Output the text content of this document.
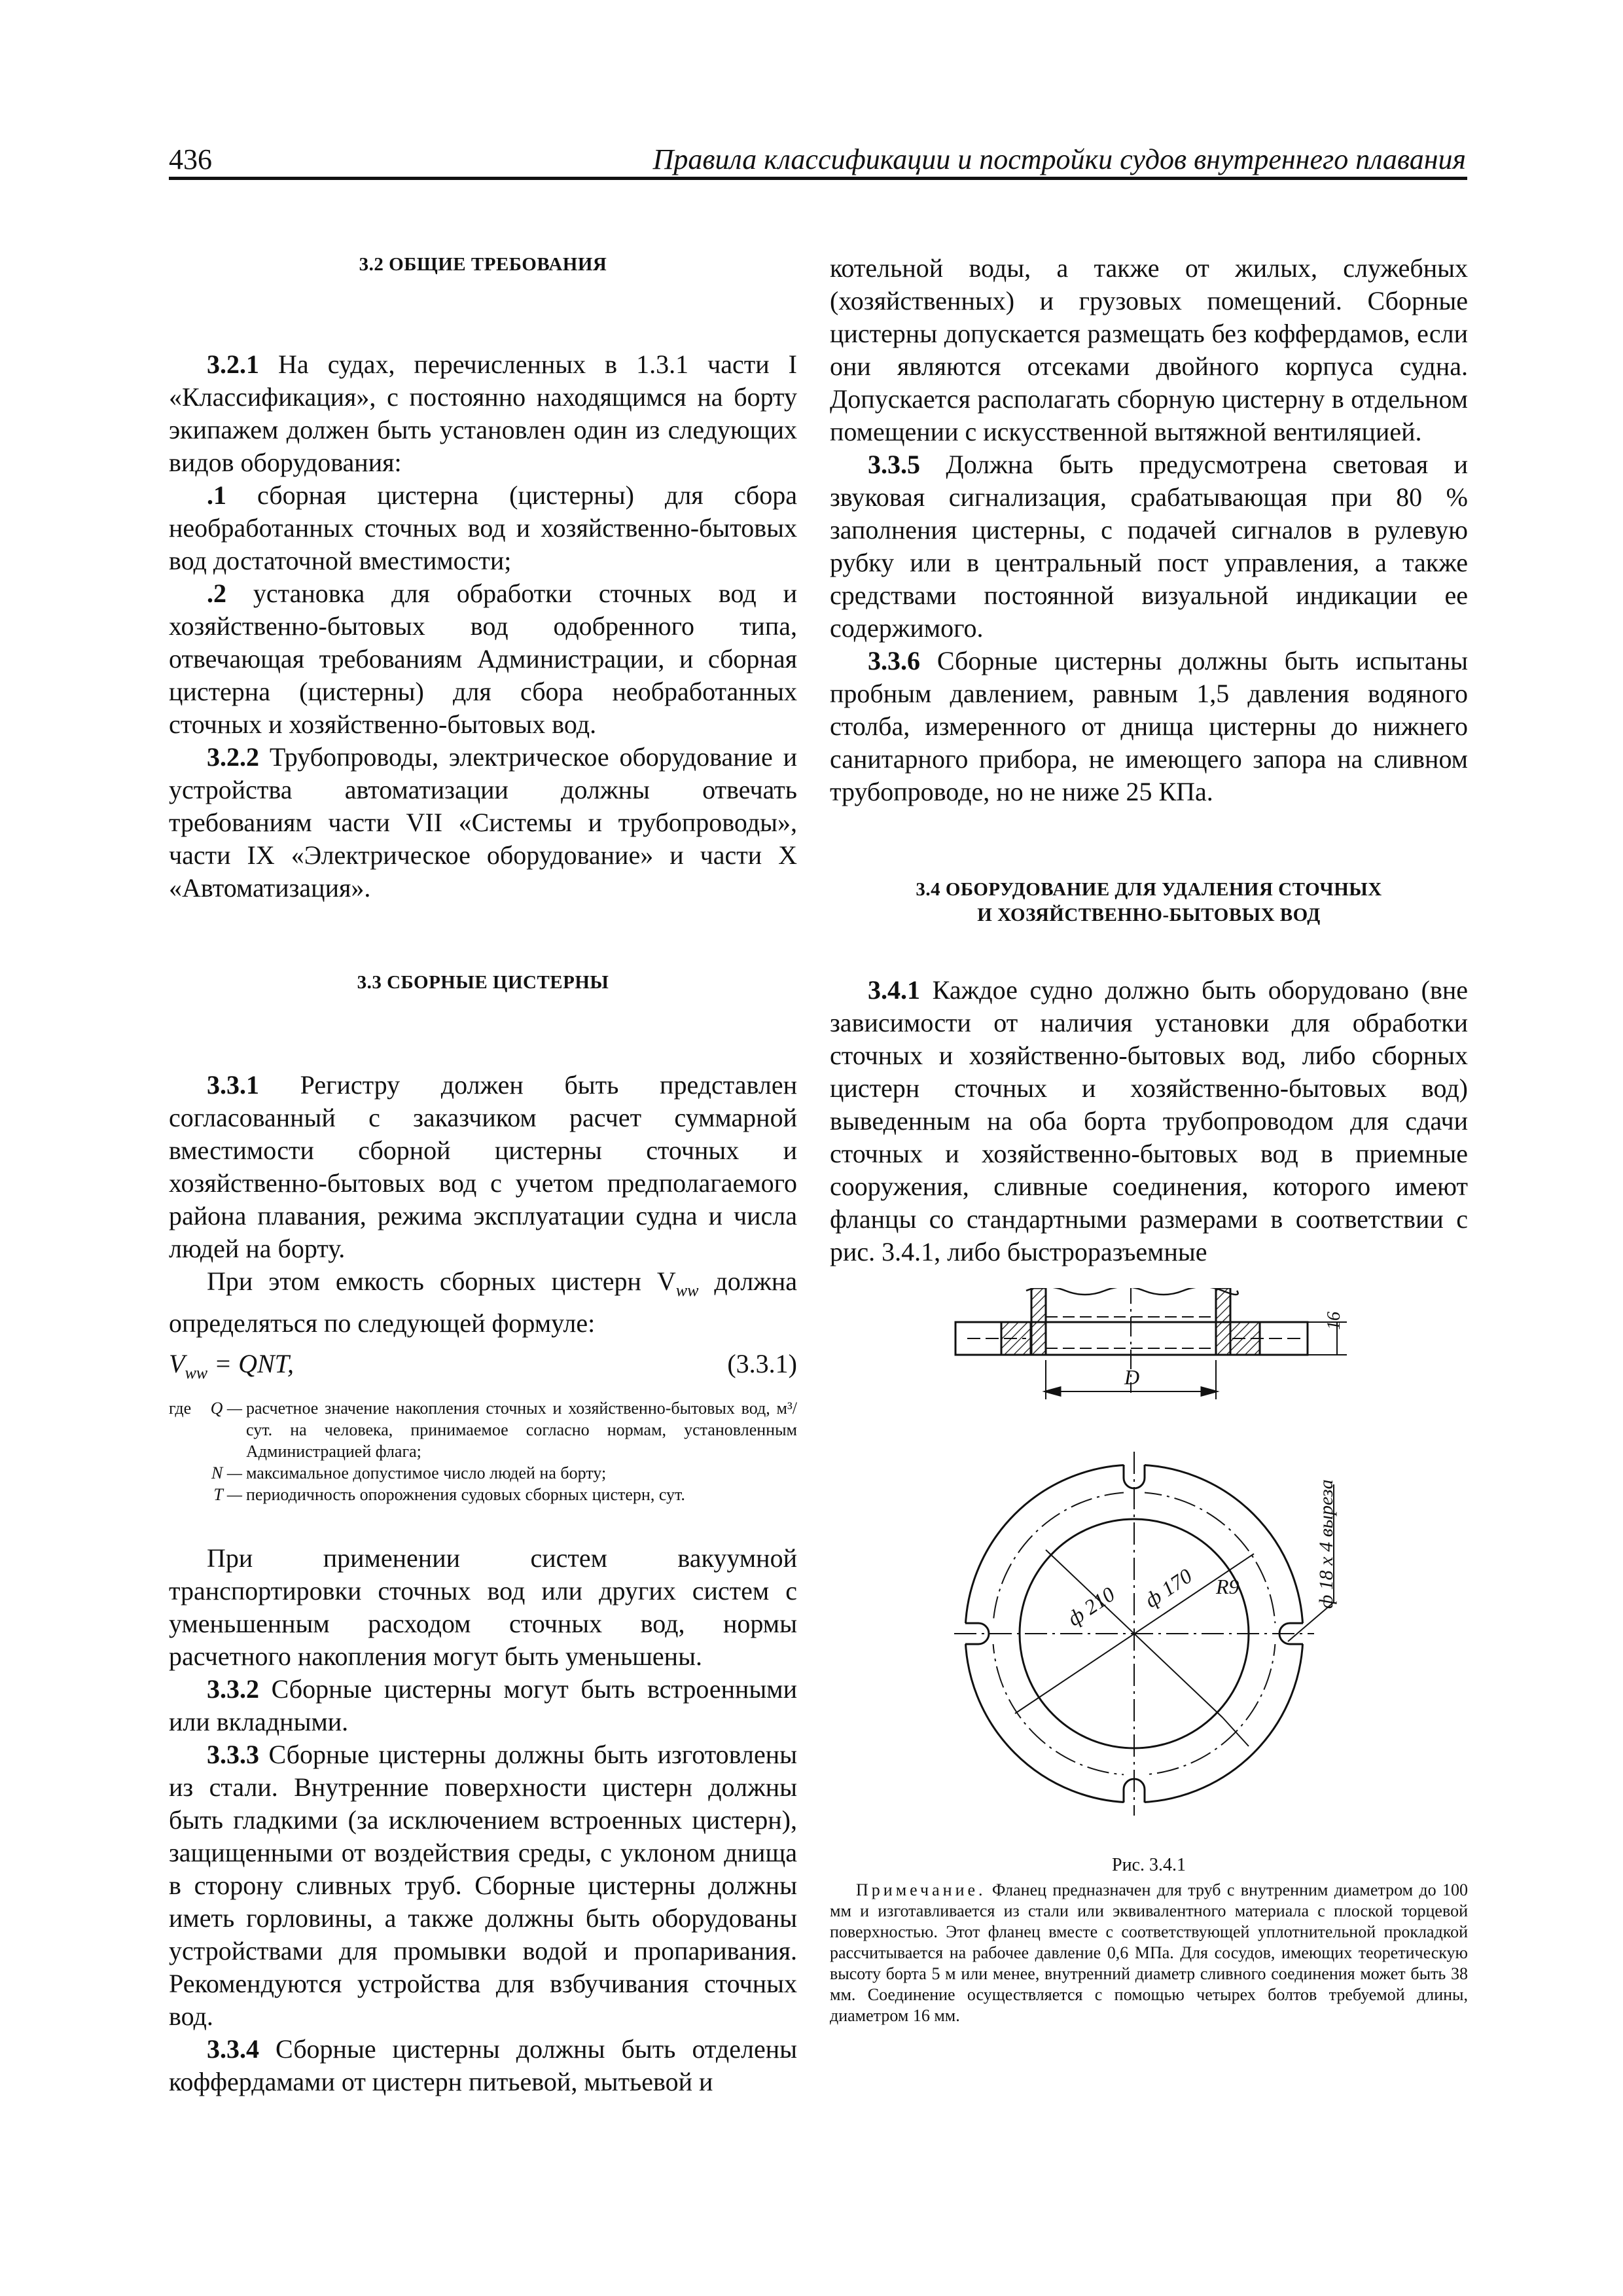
436	Правила классификации и постройки судов внутреннего плавания
3.2 ОБЩИЕ ТРЕБОВАНИЯ

3.2.1 На судах, перечисленных в 1.3.1 части I «Классификация», с постоянно находящимся на борту экипажем должен быть установлен один из следующих видов оборудования:

.1 сборная цистерна (цистерны) для сбора необработанных сточных вод и хозяйственно-бытовых вод достаточной вместимости;

.2 установка для обработки сточных вод и хозяйственно-бытовых вод одобренного типа, отвечающая требованиям Администрации, и сборная цистерна (цистерны) для сбора необработанных сточных и хозяйственно-бытовых вод.

3.2.2 Трубопроводы, электрическое оборудование и устройства автоматизации должны отвечать требованиям части VII «Системы и трубопроводы», части IX «Электрическое оборудование» и части X «Автоматизация».

3.3 СБОРНЫЕ ЦИСТЕРНЫ

3.3.1 Регистру должен быть представлен согласованный с заказчиком расчет суммарной вместимости сборной цистерны сточных и хозяйственно-бытовых вод с учетом предполагаемого района плавания, режима эксплуатации судна и числа людей на борту.

При этом емкость сборных цистерн $V_{ww}$ должна определяться по следующей формуле:

$V_{ww}$ = QNT,	(3.3.1)
где	Q — расчетное значение накопления сточных и хозяйственно-бытовых вод, м³/сут. на человека, принимаемое согласно нормам, установленным Администрацией флага;
N — максимальное допустимое число людей на борту;
T — периодичность опорожнения судовых сборных цистерн, сут.

При применении систем вакуумной транспортировки сточных вод или других систем с уменьшенным расходом сточных вод, нормы расчетного накопления могут быть уменьшены.

3.3.2 Сборные цистерны могут быть встроенными или вкладными.

3.3.3 Сборные цистерны должны быть изготовлены из стали. Внутренние поверхности цистерн должны быть гладкими (за исключением встроенных цистерн), защищенными от воздействия среды, с уклоном днища в сторону сливных труб. Сборные цистерны должны иметь горловины, а также должны быть оборудованы устройствами для промывки водой и пропаривания. Рекомендуются устройства для взбучивания сточных вод.

3.3.4 Сборные цистерны должны быть отделены коффердамами от цистерн питьевой, мытьевой и

котельной воды, а также от жилых, служебных (хозяйственных) и грузовых помещений. Сборные цистерны допускается размещать без коффердамов, если они являются отсеками двойного корпуса судна. Допускается располагать сборную цистерну в отдельном помещении с искусственной вытяжной вентиляцией.

3.3.5 Должна быть предусмотрена световая и звуковая сигнализация, срабатывающая при 80 % заполнения цистерны, с подачей сигналов в рулевую рубку или в центральный пост управления, а также средствами постоянной визуальной индикации ее содержимого.

3.3.6 Сборные цистерны должны быть испытаны пробным давлением, равным 1,5 давления водяного столба, измеренного от днища цистерны до нижнего санитарного прибора, не имеющего запора на сливном трубопроводе, но не ниже 25 КПа.

3.4 ОБОРУДОВАНИЕ ДЛЯ УДАЛЕНИЯ СТОЧНЫХ
И ХОЗЯЙСТВЕННО-БЫТОВЫХ ВОД

3.4.1 Каждое судно должно быть оборудовано (вне зависимости от наличия установки для обработки сточных и хозяйственно-бытовых вод, либо сборных цистерн сточных и хозяйственно-бытовых вод) выведенным на оба борта трубопроводом для сдачи сточных и хозяйственно-бытовых вод в приемные сооружения, сливные соединения, которого имеют фланцы со стандартными размерами в соответствии с рис. 3.4.1, либо быстроразъемные

D
16
ф 210 ф 170 R9	ф 18 х 4 выреза
Рис. 3.4.1
Примечание. Фланец предназначен для труб с внутренним диаметром до 100 мм и изготавливается из стали или эквивалентного материала с плоской торцевой поверхностью. Этот фланец вместе с соответствующей уплотнительной прокладкой рассчитывается на рабочее давление 0,6 МПа. Для сосудов, имеющих теоретическую высоту борта 5 м или менее, внутренний диаметр сливного соединения может быть 38 мм. Соединение осуществляется с помощью четырех болтов требуемой длины, диаметром 16 мм.
